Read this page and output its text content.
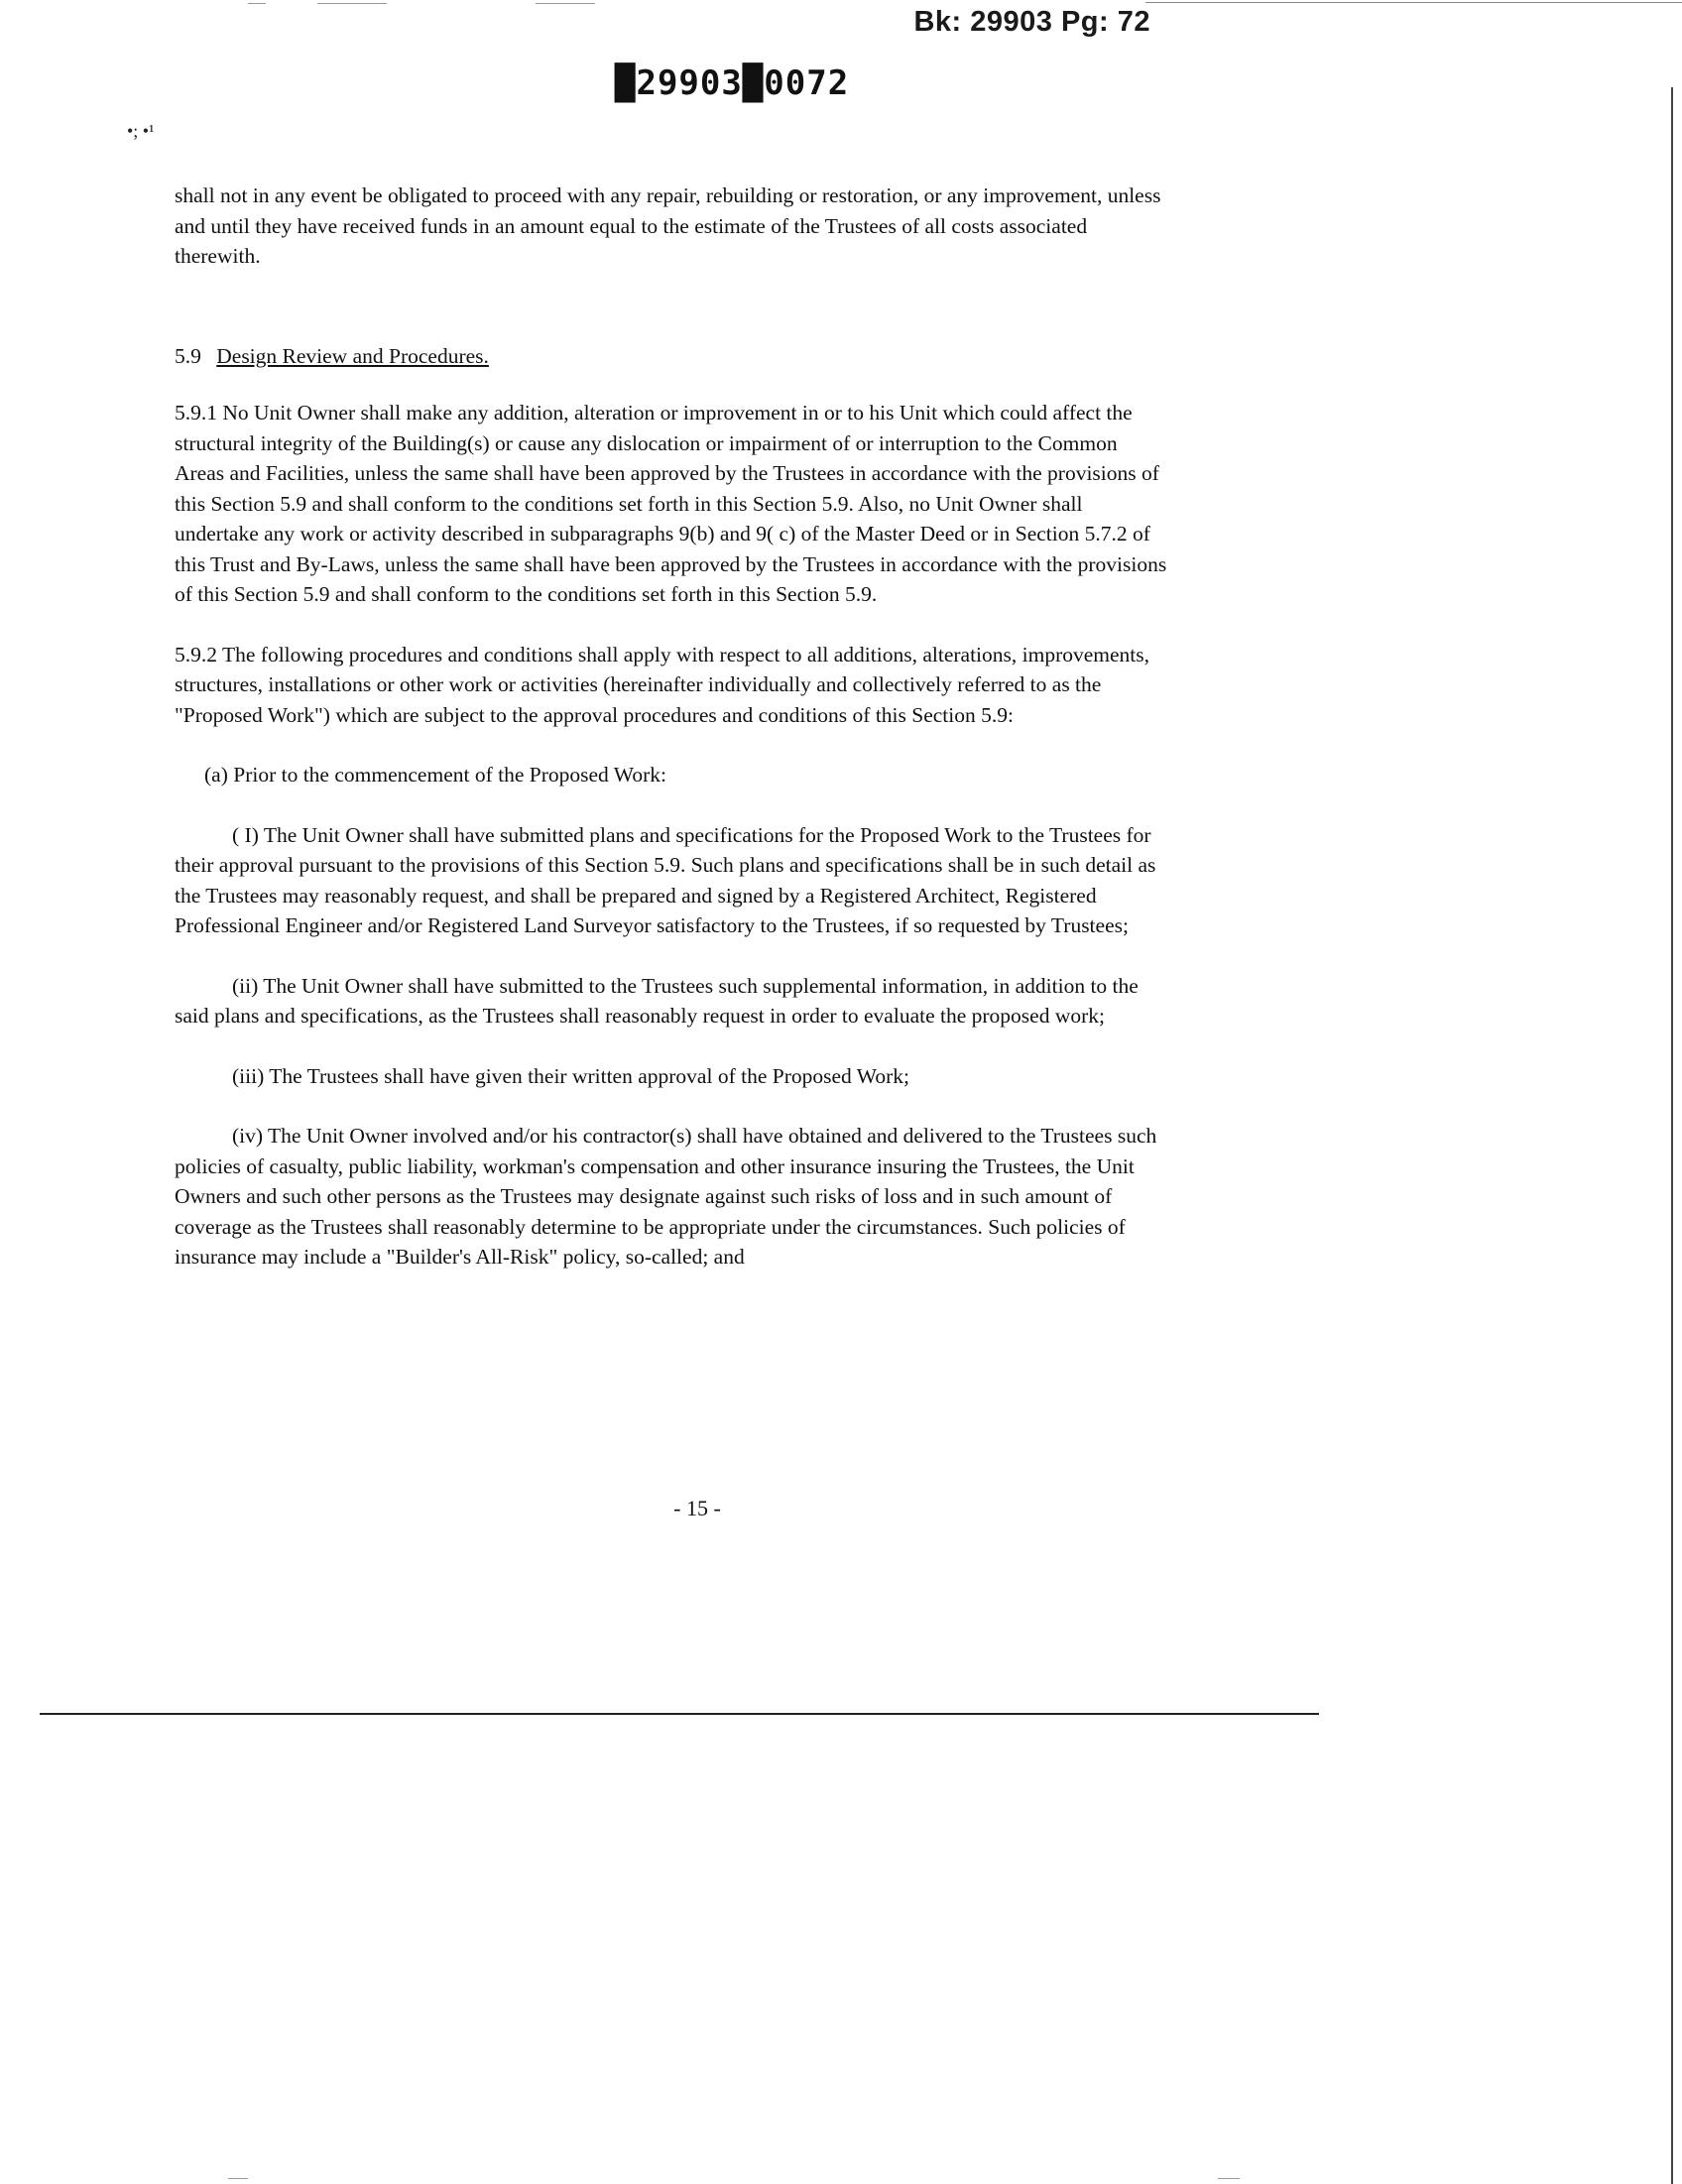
Bk: 29903 Pg: 72
█29903█0072
•; •¹

shall not in any event be obligated to proceed with any repair, rebuilding or restoration, or any improvement, unless and until they have received funds in an amount equal to the estimate of the Trustees of all costs associated therewith.

5.9 Design Review and Procedures.

5.9.1 No Unit Owner shall make any addition, alteration or improvement in or to his Unit which could affect the structural integrity of the Building(s) or cause any dislocation or impairment of or interruption to the Common Areas and Facilities, unless the same shall have been approved by the Trustees in accordance with the provisions of this Section 5.9 and shall conform to the conditions set forth in this Section 5.9. Also, no Unit Owner shall undertake any work or activity described in subparagraphs 9(b) and 9( c) of the Master Deed or in Section 5.7.2 of this Trust and By-Laws, unless the same shall have been approved by the Trustees in accordance with the provisions of this Section 5.9 and shall conform to the conditions set forth in this Section 5.9.

5.9.2 The following procedures and conditions shall apply with respect to all additions, alterations, improvements, structures, installations or other work or activities (hereinafter individually and collectively referred to as the "Proposed Work") which are subject to the approval procedures and conditions of this Section 5.9:

(a) Prior to the commencement of the Proposed Work:

( I) The Unit Owner shall have submitted plans and specifications for the Proposed Work to the Trustees for their approval pursuant to the provisions of this Section 5.9. Such plans and specifications shall be in such detail as the Trustees may reasonably request, and shall be prepared and signed by a Registered Architect, Registered Professional Engineer and/or Registered Land Surveyor satisfactory to the Trustees, if so requested by Trustees;

(ii) The Unit Owner shall have submitted to the Trustees such supplemental information, in addition to the said plans and specifications, as the Trustees shall reasonably request in order to evaluate the proposed work;

(iii) The Trustees shall have given their written approval of the Proposed Work;

(iv) The Unit Owner involved and/or his contractor(s) shall have obtained and delivered to the Trustees such policies of casualty, public liability, workman's compensation and other insurance insuring the Trustees, the Unit Owners and such other persons as the Trustees may designate against such risks of loss and in such amount of coverage as the Trustees shall reasonably determine to be appropriate under the circumstances. Such policies of insurance may include a "Builder's All-Risk" policy, so-called; and

- 15 -
